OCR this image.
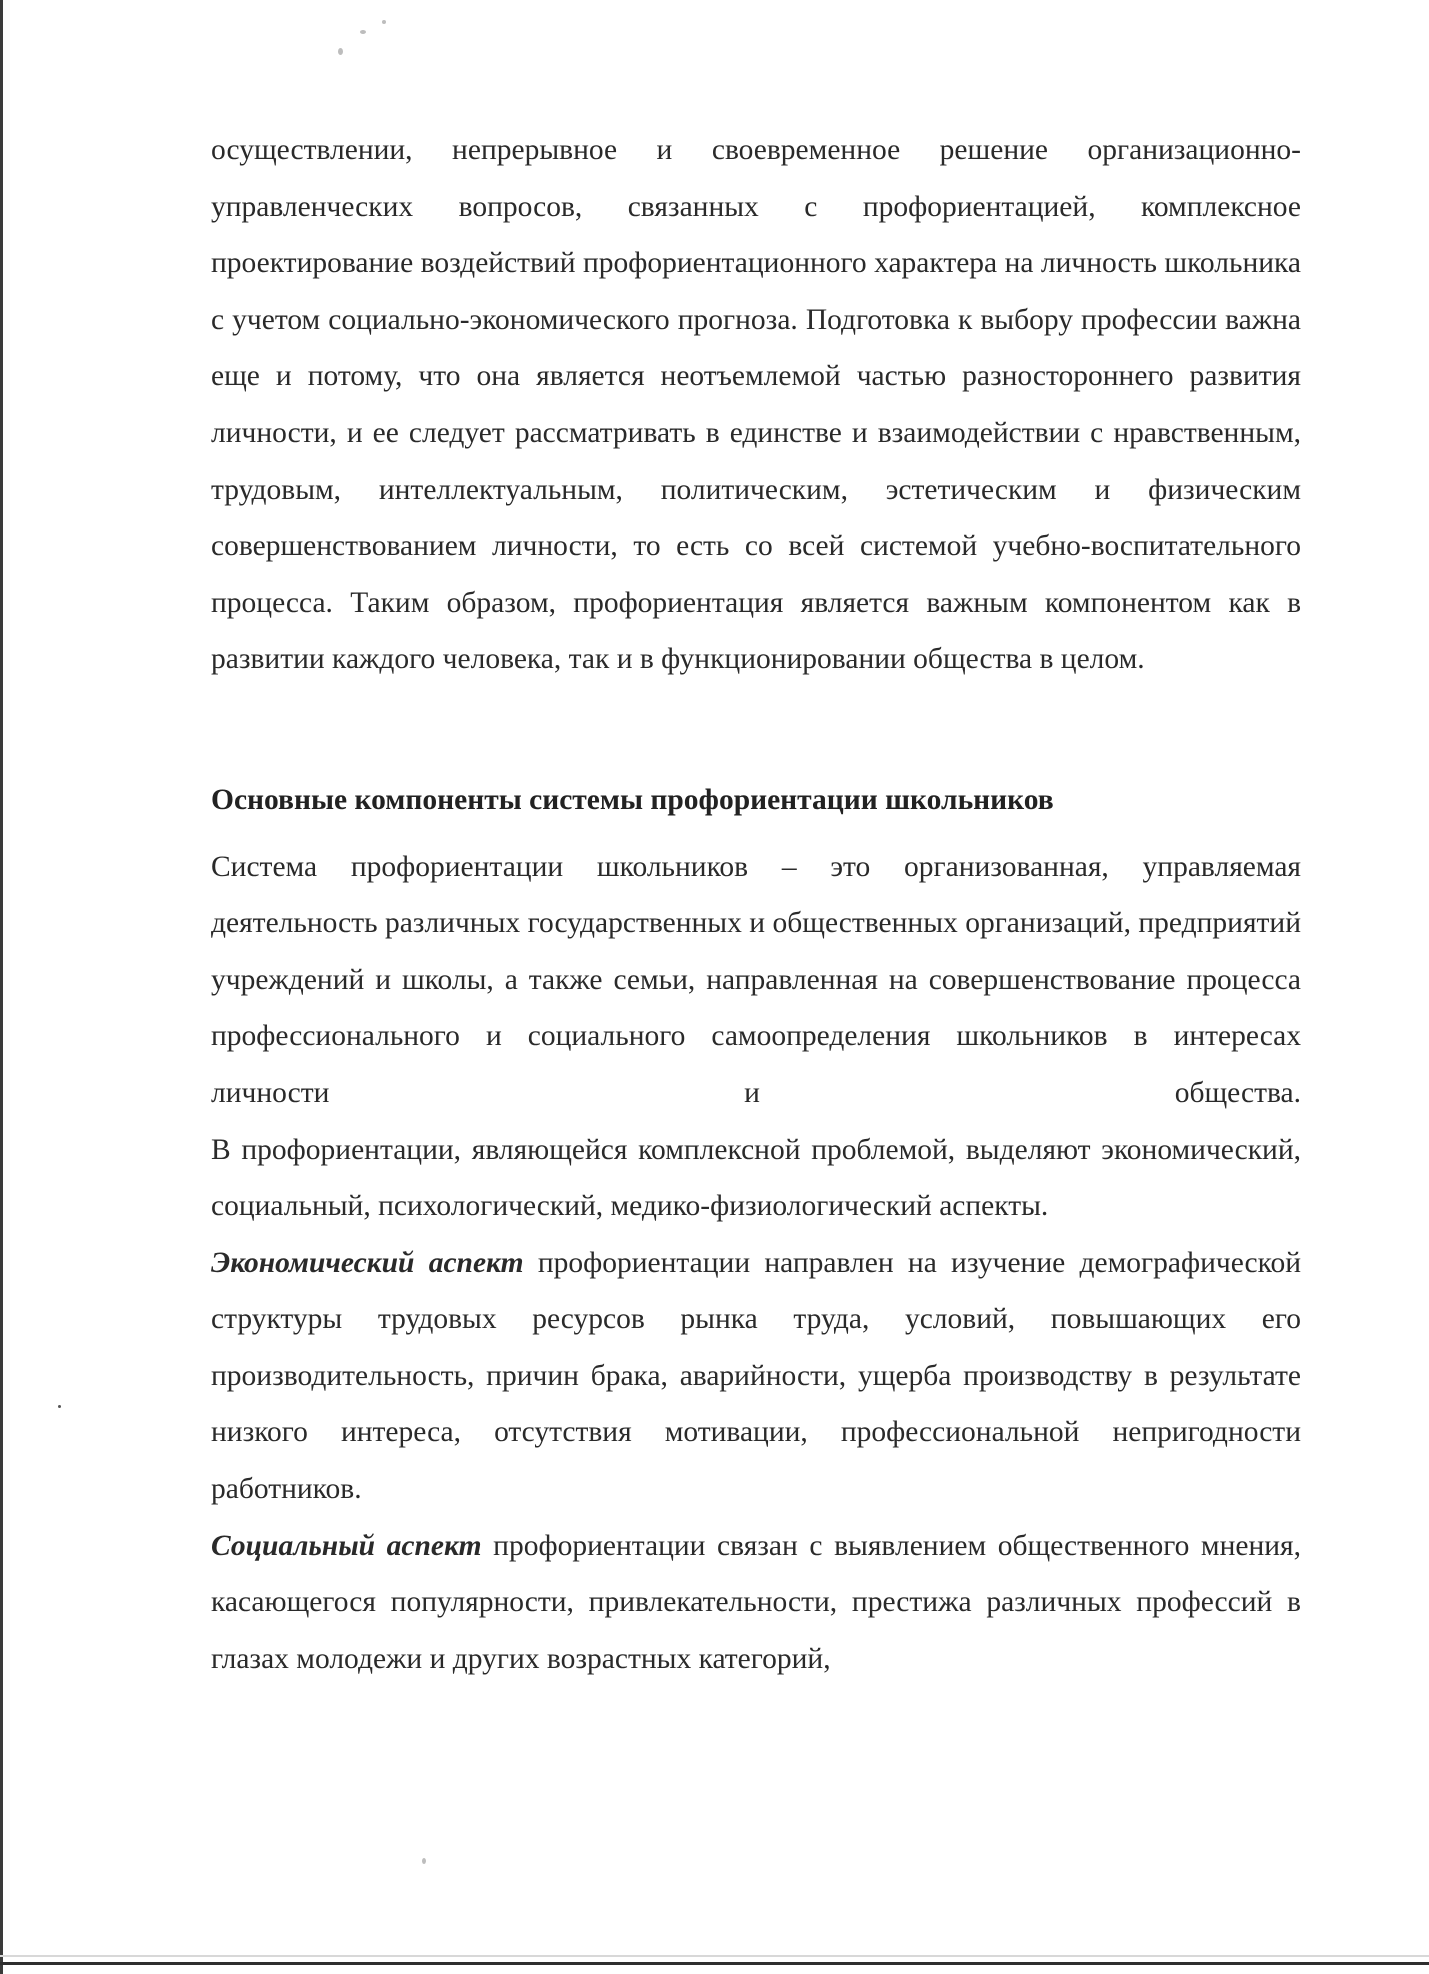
осуществлении, непрерывное и своевременное решение организационно-управленческих вопросов, связанных с профориентацией, комплексное проектирование воздействий профориентационного характера на личность школьника с учетом социально-экономического прогноза. Подготовка к выбору профессии важна еще и потому, что она является неотъемлемой частью разностороннего развития личности, и ее следует рассматривать в единстве и взаимодействии с нравственным, трудовым, интеллектуальным, политическим, эстетическим и физическим совершенствованием личности, то есть со всей системой учебно-воспитательного процесса. Таким образом, профориентация является важным компонентом как в развитии каждого человека, так и в функционировании общества в целом.

Основные компоненты системы профориентации школьников

Система профориентации школьников – это организованная, управляемая деятельность различных государственных и общественных организаций, предприятий учреждений и школы, а также семьи, направленная на совершенствование процесса профессионального и социального самоопределения школьников в интересах личности и общества.
В профориентации, являющейся комплексной проблемой, выделяют экономический, социальный, психологический, медико-физиологический аспекты.

Экономический аспект профориентации направлен на изучение демографической структуры трудовых ресурсов рынка труда, условий, повышающих его производительность, причин брака, аварийности, ущерба производству в результате низкого интереса, отсутствия мотивации, профессиональной непригодности работников.

Социальный аспект профориентации связан с выявлением общественного мнения, касающегося популярности, привлекательности, престижа различных профессий в глазах молодежи и других возрастных категорий,
